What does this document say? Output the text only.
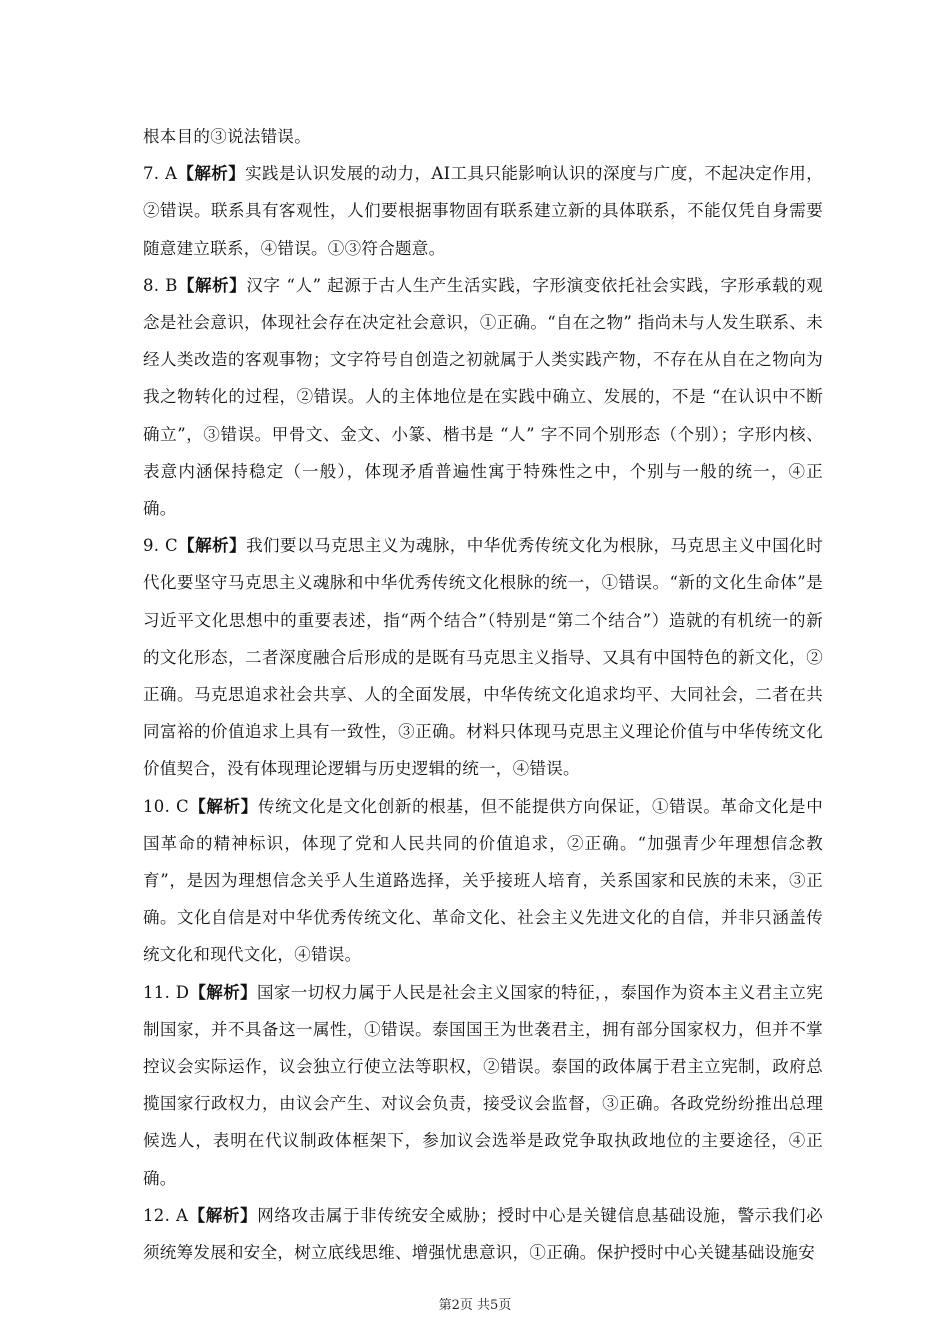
根本目的③说法错误。

7. A【解析】实践是认识发展的动力，AI工具只能影响认识的深度与广度，不起决定作用，②错误。联系具有客观性，人们要根据事物固有联系建立新的具体联系，不能仅凭自身需要随意建立联系，④错误。①③符合题意。

8. B【解析】汉字 “人” 起源于古人生产生活实践，字形演变依托社会实践，字形承载的观念是社会意识，体现社会存在决定社会意识，①正确。“自在之物” 指尚未与人发生联系、未经人类改造的客观事物；文字符号自创造之初就属于人类实践产物，不存在从自在之物向为我之物转化的过程，②错误。人的主体地位是在实践中确立、发展的，不是 “在认识中不断确立”，③错误。甲骨文、金文、小篆、楷书是 “人” 字不同个别形态（个别）；字形内核、表意内涵保持稳定（一般），体现矛盾普遍性寓于特殊性之中，个别与一般的统一，④正确。

9. C【解析】我们要以马克思主义为魂脉，中华优秀传统文化为根脉，马克思主义中国化时代化要坚守马克思主义魂脉和中华优秀传统文化根脉的统一，①错误。“新的文化生命体”是习近平文化思想中的重要表述，指“两个结合”（特别是“第二个结合”）造就的有机统一的新的文化形态，二者深度融合后形成的是既有马克思主义指导、又具有中国特色的新文化，②正确。马克思追求社会共享、人的全面发展，中华传统文化追求均平、大同社会，二者在共同富裕的价值追求上具有一致性，③正确。材料只体现马克思主义理论价值与中华传统文化价值契合，没有体现理论逻辑与历史逻辑的统一，④错误。

10. C【解析】传统文化是文化创新的根基，但不能提供方向保证，①错误。革命文化是中国革命的精神标识，体现了党和人民共同的价值追求，②正确。“加强青少年理想信念教育”，是因为理想信念关乎人生道路选择，关乎接班人培育，关系国家和民族的未来，③正确。文化自信是对中华优秀传统文化、革命文化、社会主义先进文化的自信，并非只涵盖传统文化和现代文化，④错误。

11. D【解析】国家一切权力属于人民是社会主义国家的特征，，泰国作为资本主义君主立宪制国家，并不具备这一属性，①错误。泰国国王为世袭君主，拥有部分国家权力，但并不掌控议会实际运作，议会独立行使立法等职权，②错误。泰国的政体属于君主立宪制，政府总揽国家行政权力，由议会产生、对议会负责，接受议会监督，③正确。各政党纷纷推出总理候选人，表明在代议制政体框架下，参加议会选举是政党争取执政地位的主要途径，④正确。

12. A【解析】网络攻击属于非传统安全威胁；授时中心是关键信息基础设施，警示我们必须统筹发展和安全，树立底线思维、增强忧患意识，①正确。保护授时中心关键基础设施安

第2页 共5页
